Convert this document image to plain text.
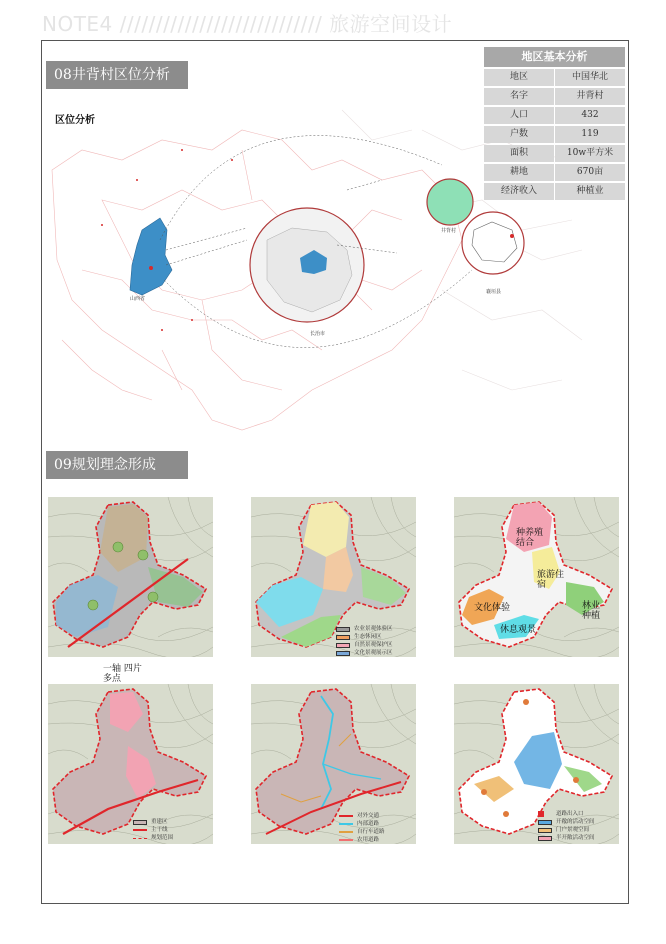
NOTE4 //////////////////////////// 旅游空间设计
08井背村区位分析
区位分析
山西省
长治市
井背村
襄垣县
地区基本分析
地区	中国华北
名字	井背村
人口	432
户数	119
面积	10w平方米
耕地	670亩
经济收入	种植业
09规划理念形成
一轴 四片
多点
农业景观体验区
生态休闲区
自然景观保护区
文化景观展示区
种养殖
结合
旅游住
宿
文化体验	林业
种植
休息观景
重建区
主干线
规划范围
对外交通
内部道路
自行车道路
农用道路
道路出入口
开敞的活动空间
门户景观空间
半开敞活动空间
